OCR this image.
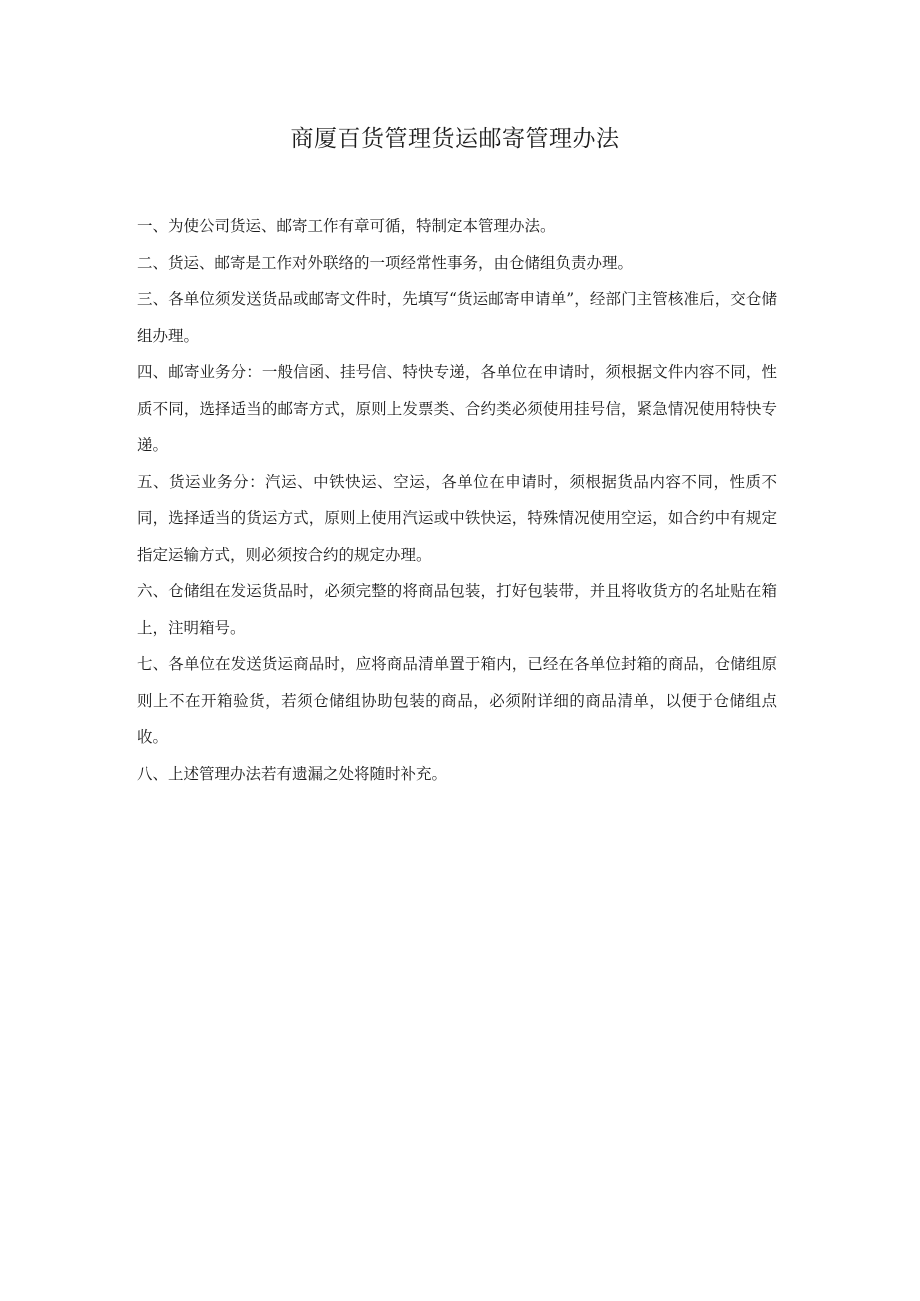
商厦百货管理货运邮寄管理办法

一、为使公司货运、邮寄工作有章可循，特制定本管理办法。

二、货运、邮寄是工作对外联络的一项经常性事务，由仓储组负责办理。

三、各单位须发送货品或邮寄文件时，先填写“货运邮寄申请单”，经部门主管核准后，交仓储组办理。

四、邮寄业务分：一般信函、挂号信、特快专递，各单位在申请时，须根据文件内容不同，性质不同，选择适当的邮寄方式，原则上发票类、合约类必须使用挂号信，紧急情况使用特快专递。

五、货运业务分：汽运、中铁快运、空运，各单位在申请时，须根据货品内容不同，性质不同，选择适当的货运方式，原则上使用汽运或中铁快运，特殊情况使用空运，如合约中有规定指定运输方式，则必须按合约的规定办理。

六、仓储组在发运货品时，必须完整的将商品包装，打好包装带，并且将收货方的名址贴在箱上，注明箱号。

七、各单位在发送货运商品时，应将商品清单置于箱内，已经在各单位封箱的商品，仓储组原则上不在开箱验货，若须仓储组协助包装的商品，必须附详细的商品清单，以便于仓储组点收。

八、上述管理办法若有遗漏之处将随时补充。
